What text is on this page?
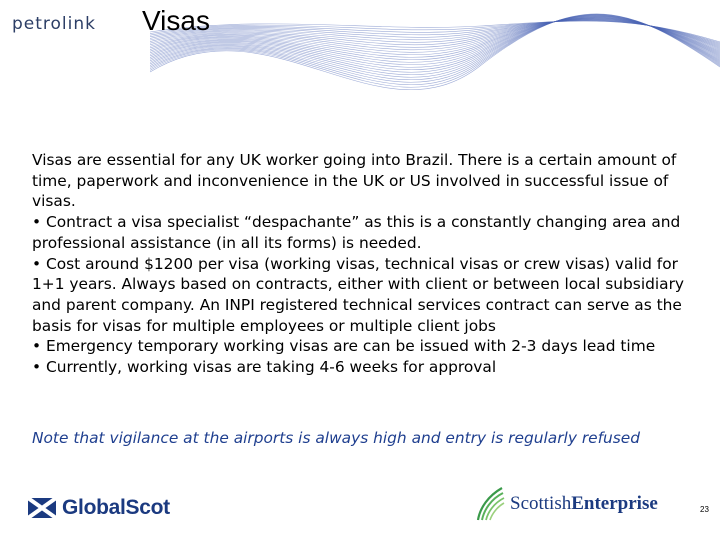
petrolink Visas

Visas are essential for any UK worker going into Brazil. There is a certain amount of time, paperwork and inconvenience in the UK or US involved in successful issue of visas.

• Contract a visa specialist “despachante” as this is a constantly changing area and professional assistance (in all its forms) is needed.

• Cost around $1200 per visa (working visas, technical visas or crew visas) valid for 1+1 years. Always based on contracts, either with client or between local subsidiary and parent company. An INPI registered technical services contract can serve as the basis for visas for multiple employees or multiple client jobs

• Emergency temporary working visas are can be issued with 2-3 days lead time

• Currently, working visas are taking 4-6 weeks for approval

Note that vigilance at the airports is always high and entry is regularly refused
GlobalScot	ScottishEnterprise	23
